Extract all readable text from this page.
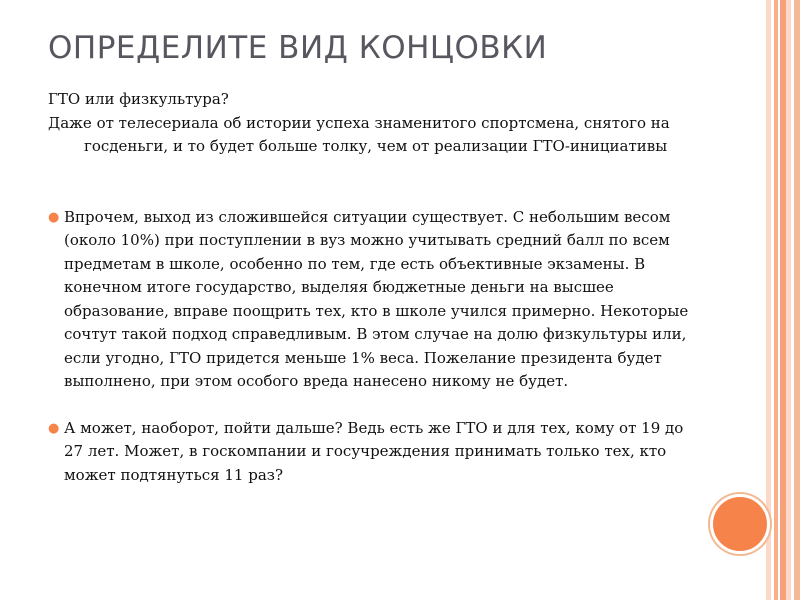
ОПРЕДЕЛИТЕ ВИД КОНЦОВКИ

ГТО или физкультура?

Даже от телесериала об истории успеха знаменитого спортсмена, снятого на госденьги, и то будет больше толку, чем от реализации ГТО-инициативы

● Впрочем, выход из сложившейся ситуации существует. С небольшим весом (около 10%) при поступлении в вуз можно учитывать средний балл по всем предметам в школе, особенно по тем, где есть объективные экзамены. В конечном итоге государство, выделяя бюджетные деньги на высшее образование, вправе поощрить тех, кто в школе учился примерно. Некоторые сочтут такой подход справедливым. В этом случае на долю физкультуры или, если угодно, ГТО придется меньше 1% веса. Пожелание президента будет выполнено, при этом особого вреда нанесено никому не будет.
● А может, наоборот, пойти дальше? Ведь есть же ГТО и для тех, кому от 19 до 27 лет. Может, в госкомпании и госучреждения принимать только тех, кто может подтянуться 11 раз?
